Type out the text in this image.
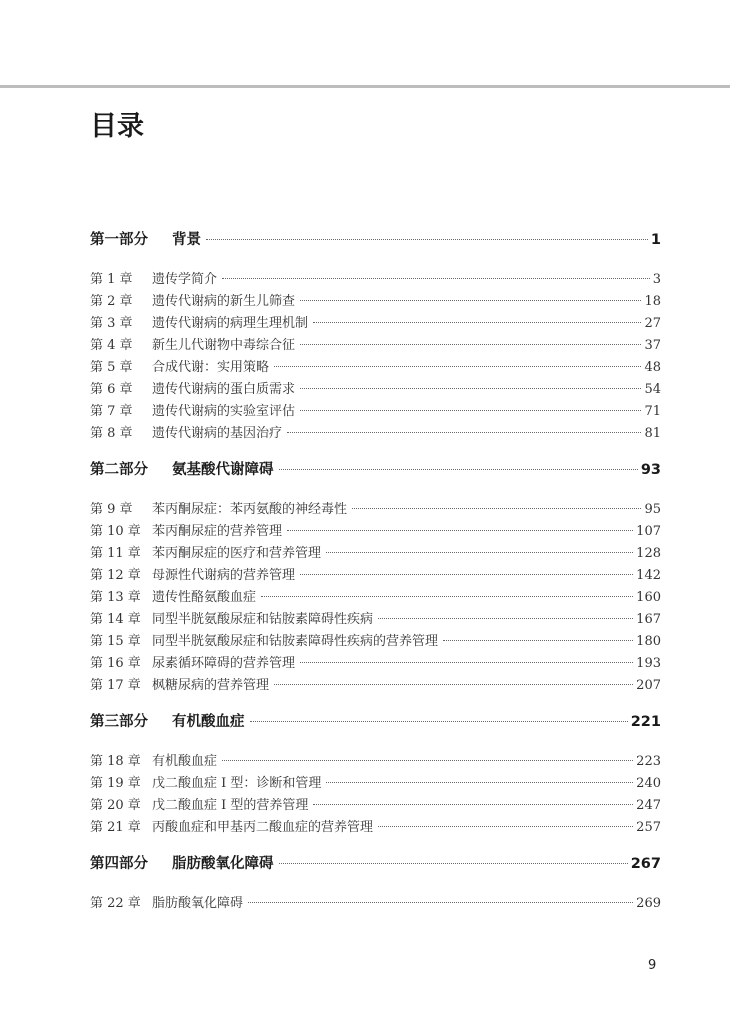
目录
第一部分	背景	1
第 1 章	遗传学简介	3
第 2 章	遗传代谢病的新生儿筛查	18
第 3 章	遗传代谢病的病理生理机制	27
第 4 章	新生儿代谢物中毒综合征	37
第 5 章	合成代谢：实用策略	48
第 6 章	遗传代谢病的蛋白质需求	54
第 7 章	遗传代谢病的实验室评估	71
第 8 章	遗传代谢病的基因治疗	81
第二部分	氨基酸代谢障碍	93
第 9 章	苯丙酮尿症：苯丙氨酸的神经毒性	95
第 10 章 苯丙酮尿症的营养管理	107
第 11 章 苯丙酮尿症的医疗和营养管理	128
第 12 章 母源性代谢病的营养管理	142
第 13 章 遗传性酪氨酸血症	160
第 14 章 同型半胱氨酸尿症和钴胺素障碍性疾病	167
第 15 章 同型半胱氨酸尿症和钴胺素障碍性疾病的营养管理	180
第 16 章 尿素循环障碍的营养管理	193
第 17 章 枫糖尿病的营养管理	207
第三部分	有机酸血症	221
第 18 章 有机酸血症	223
第 19 章 戊二酸血症 I 型：诊断和管理	240
第 20 章 戊二酸血症 I 型的营养管理	247
第 21 章 丙酸血症和甲基丙二酸血症的营养管理	257
第四部分	脂肪酸氧化障碍	267
第 22 章 脂肪酸氧化障碍	269
9
